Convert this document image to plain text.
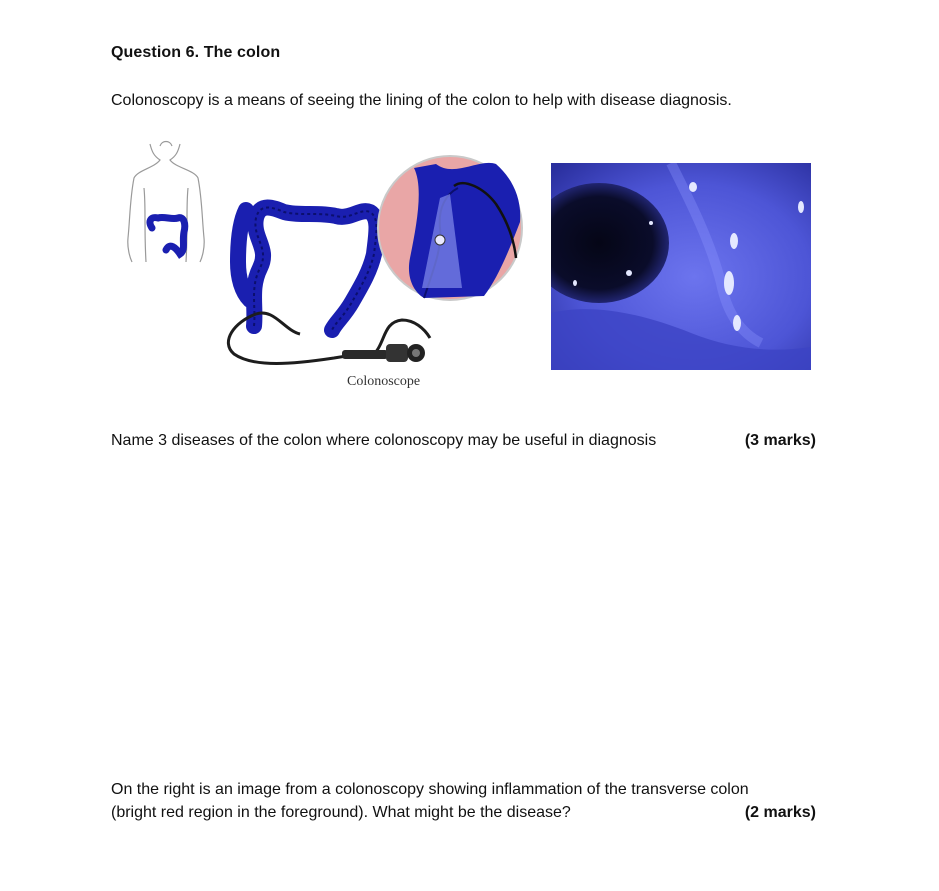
Question 6. The colon
Colonoscopy is a means of seeing the lining of the colon to help with disease diagnosis.
Colonoscope
Name 3 diseases of the colon where colonoscopy may be useful in diagnosis	(3 marks)
On the right is an image from a colonoscopy showing inflammation of the transverse colon
(bright red region in the foreground). What might be the disease?	(2 marks)
